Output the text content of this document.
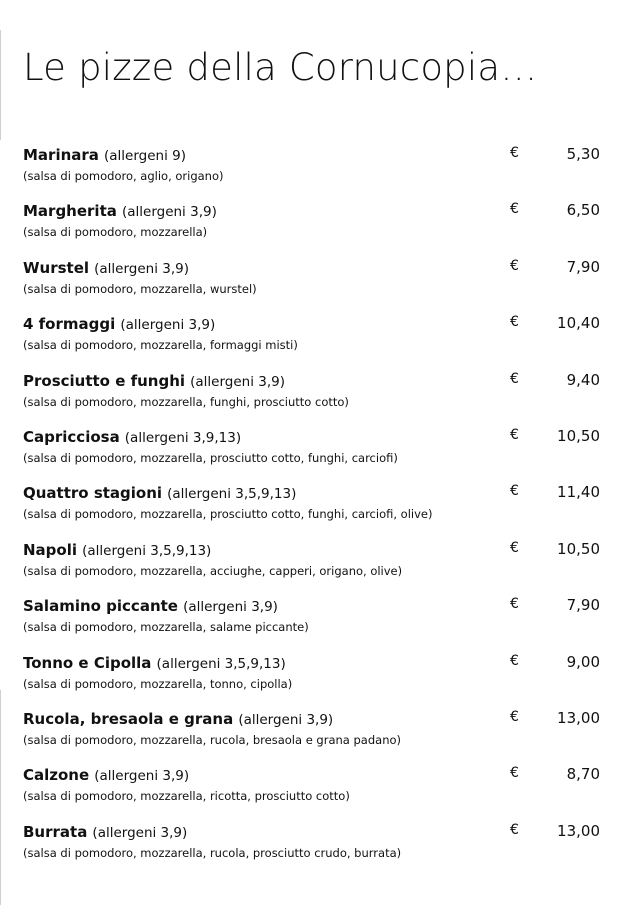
Le pizze della Cornucopia…
Marinara (allergeni 9)
(salsa di pomodoro, aglio, origano)
€	5,30
Margherita (allergeni 3,9)
(salsa di pomodoro, mozzarella)
€	6,50
Wurstel (allergeni 3,9)
(salsa di pomodoro, mozzarella, wurstel)
€	7,90
4 formaggi (allergeni 3,9)
(salsa di pomodoro, mozzarella, formaggi misti)
€	10,40
Prosciutto e funghi (allergeni 3,9)
(salsa di pomodoro, mozzarella, funghi, prosciutto cotto)
€	9,40
Capricciosa (allergeni 3,9,13)
(salsa di pomodoro, mozzarella, prosciutto cotto, funghi, carciofi)
€	10,50
Quattro stagioni (allergeni 3,5,9,13)
(salsa di pomodoro, mozzarella, prosciutto cotto, funghi, carciofi, olive)
€	11,40
Napoli (allergeni 3,5,9,13)
(salsa di pomodoro, mozzarella, acciughe, capperi, origano, olive)
€	10,50
Salamino piccante (allergeni 3,9)
(salsa di pomodoro, mozzarella, salame piccante)
€	7,90
Tonno e Cipolla (allergeni 3,5,9,13)
(salsa di pomodoro, mozzarella, tonno, cipolla)
€	9,00
Rucola, bresaola e grana (allergeni 3,9)
(salsa di pomodoro, mozzarella, rucola, bresaola e grana padano)
€	13,00
Calzone (allergeni 3,9)
(salsa di pomodoro, mozzarella, ricotta, prosciutto cotto)
€	8,70
Burrata (allergeni 3,9)
(salsa di pomodoro, mozzarella, rucola, prosciutto crudo, burrata)
€	13,00
